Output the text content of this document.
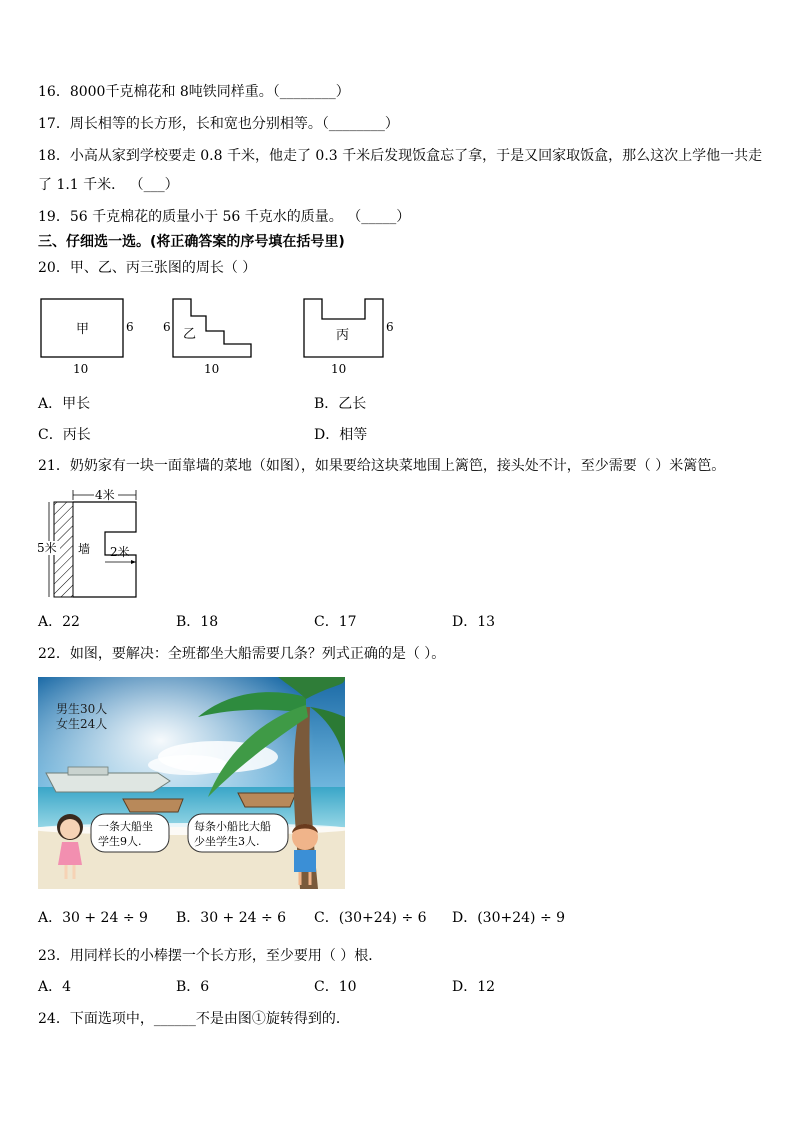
16．8000千克棉花和 8吨铁同样重。（________）
17．周长相等的长方形，长和宽也分别相等。（________）
18．小高从家到学校要走 0.8 千米，他走了 0.3 千米后发现饭盒忘了拿，于是又回家取饭盒，那么这次上学他一共走
了 1.1 千米． （___）
19．56 千克棉花的质量小于 56 千克水的质量。 （_____）
三、仔细选一选。(将正确答案的序号填在括号里)
20．甲、乙、丙三张图的周长（ ）
甲	6
10
乙
6
10
丙
6
10
A．甲长	B．乙长
C．丙长	D．相等
21．奶奶家有一块一面靠墙的菜地（如图），如果要给这块菜地围上篱笆，接头处不计，至少需要（ ）米篱笆。
4米
5米	2米
墙
A．22	B．18	C．17	D．13
22．如图，要解决：全班都坐大船需要几条？列式正确的是（ ）。
男生30人
女生24人
一条大船坐
学生9人.
每条小船比大船
少坐学生3人.
A．30 + 24 ÷ 9 B．30 + 24 ÷ 6 C．(30+24) ÷ 6 D．(30+24) ÷ 9
23．用同样长的小棒摆一个长方形，至少要用（ ）根．
A．4	B．6	C．10	D．12
24．下面选项中，______不是由图①旋转得到的．
